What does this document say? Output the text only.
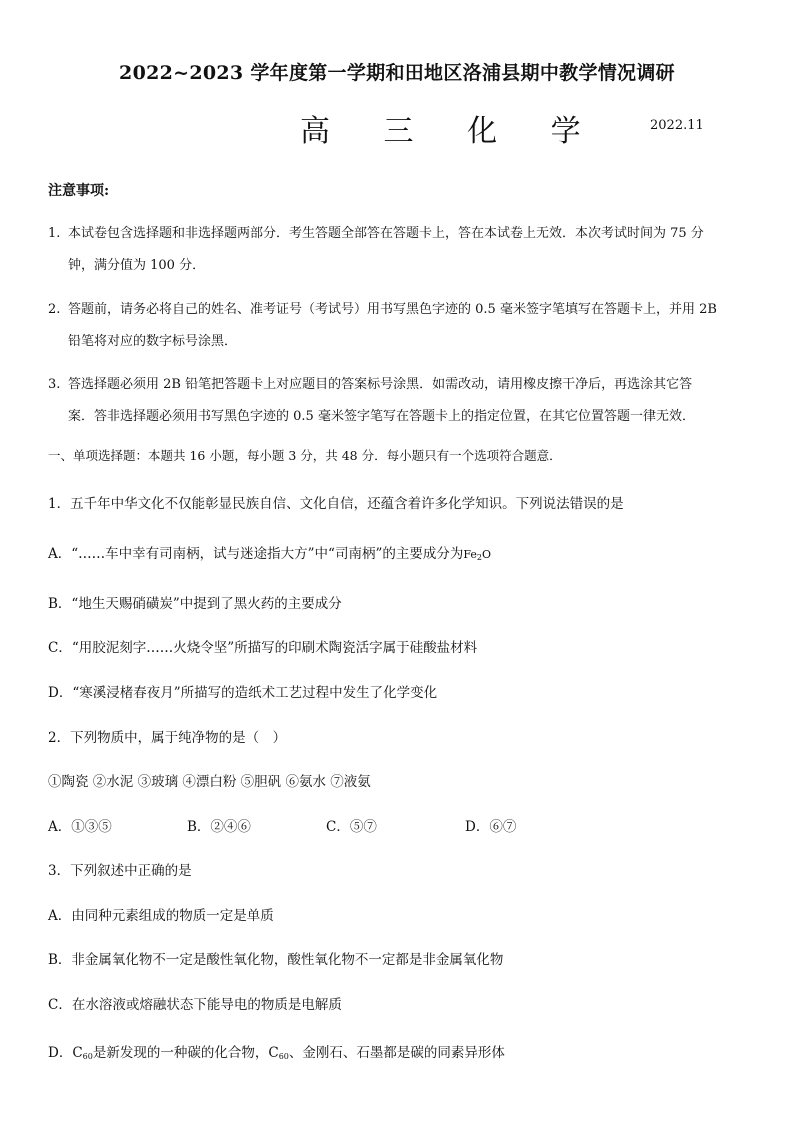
2022~2023 学年度第一学期和田地区洛浦县期中教学情况调研
高 三 化 学	2022.11
注意事项:
1. 本试卷包含选择题和非选择题两部分．考生答题全部答在答题卡上，答在本试卷上无效．本次考试时间为 75 分
钟，满分值为 100 分．
2. 答题前，请务必将自己的姓名、准考证号（考试号）用书写黑色字迹的 0.5 毫米签字笔填写在答题卡上，并用 2B
铅笔将对应的数字标号涂黑．
3. 答选择题必须用 2B 铅笔把答题卡上对应题目的答案标号涂黑．如需改动，请用橡皮擦干净后，再选涂其它答
案．答非选择题必须用书写黑色字迹的 0.5 毫米签字笔写在答题卡上的指定位置，在其它位置答题一律无效．
一、单项选择题：本题共 16 小题，每小题 3 分，共 48 分．每小题只有一个选项符合题意．
1．五千年中华文化不仅能彰显民族自信、文化自信，还蕴含着许多化学知识。下列说法错误的是
A．“……车中幸有司南柄，试与迷途指大方”中“司南柄”的主要成分为$Fe_2O$
B．“地生天赐硝磺炭”中提到了黑火药的主要成分
C．“用胶泥刻字……火烧令坚”所描写的印刷术陶瓷活字属于硅酸盐材料
D．“寒溪浸楮春夜月”所描写的造纸术工艺过程中发生了化学变化
2．下列物质中，属于纯净物的是（　）
①陶瓷 ②水泥 ③玻璃 ④漂白粉 ⑤胆矾 ⑥氨水 ⑦液氨
A．①③⑤	B．②④⑥	C．⑤⑦	D．⑥⑦
3．下列叙述中正确的是
A．由同种元素组成的物质一定是单质
B．非金属氧化物不一定是酸性氧化物，酸性氧化物不一定都是非金属氧化物
C．在水溶液或熔融状态下能导电的物质是电解质
D．$C_{60}$是新发现的一种碳的化合物，$C_{60}$、金刚石、石墨都是碳的同素异形体
